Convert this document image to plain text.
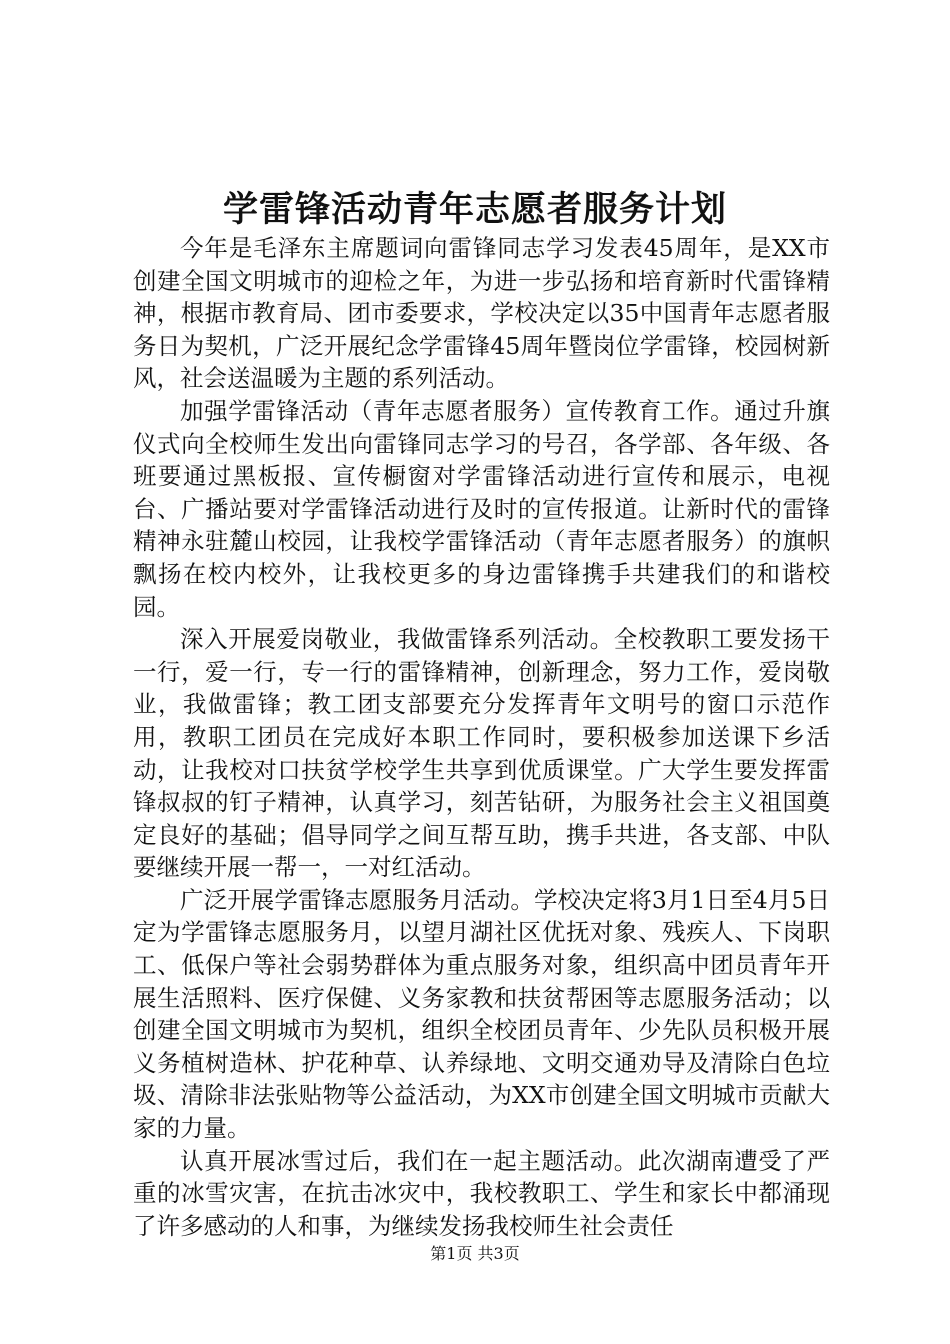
学雷锋活动青年志愿者服务计划

今年是毛泽东主席题词向雷锋同志学习发表45周年，是XX市创建全国文明城市的迎检之年，为进一步弘扬和培育新时代雷锋精神，根据市教育局、团市委要求，学校决定以35中国青年志愿者服务日为契机，广泛开展纪念学雷锋45周年暨岗位学雷锋，校园树新风，社会送温暖为主题的系列活动。

加强学雷锋活动（青年志愿者服务）宣传教育工作。通过升旗仪式向全校师生发出向雷锋同志学习的号召，各学部、各年级、各班要通过黑板报、宣传橱窗对学雷锋活动进行宣传和展示，电视台、广播站要对学雷锋活动进行及时的宣传报道。让新时代的雷锋精神永驻麓山校园，让我校学雷锋活动（青年志愿者服务）的旗帜飘扬在校内校外，让我校更多的身边雷锋携手共建我们的和谐校园。

深入开展爱岗敬业，我做雷锋系列活动。全校教职工要发扬干一行，爱一行，专一行的雷锋精神，创新理念，努力工作，爱岗敬业，我做雷锋；教工团支部要充分发挥青年文明号的窗口示范作用，教职工团员在完成好本职工作同时，要积极参加送课下乡活动，让我校对口扶贫学校学生共享到优质课堂。广大学生要发挥雷锋叔叔的钉子精神，认真学习，刻苦钻研，为服务社会主义祖国奠定良好的基础；倡导同学之间互帮互助，携手共进，各支部、中队要继续开展一帮一，一对红活动。

广泛开展学雷锋志愿服务月活动。学校决定将3月1日至4月5日定为学雷锋志愿服务月，以望月湖社区优抚对象、残疾人、下岗职工、低保户等社会弱势群体为重点服务对象，组织高中团员青年开展生活照料、医疗保健、义务家教和扶贫帮困等志愿服务活动；以创建全国文明城市为契机，组织全校团员青年、少先队员积极开展义务植树造林、护花种草、认养绿地、文明交通劝导及清除白色垃圾、清除非法张贴物等公益活动，为XX市创建全国文明城市贡献大家的力量。

认真开展冰雪过后，我们在一起主题活动。此次湖南遭受了严重的冰雪灾害，在抗击冰灾中，我校教职工、学生和家长中都涌现了许多感动的人和事，为继续发扬我校师生社会责任

第1页 共3页
